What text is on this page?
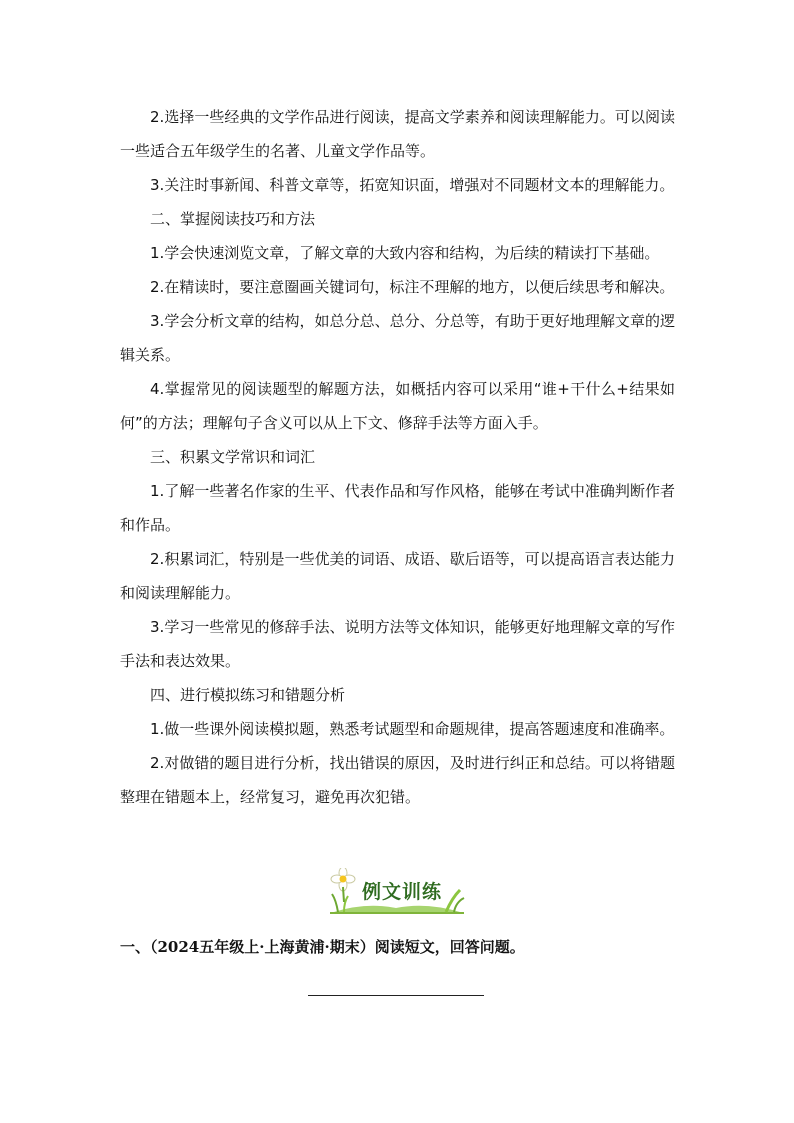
2.选择一些经典的文学作品进行阅读，提高文学素养和阅读理解能力。可以阅读一些适合五年级学生的名著、儿童文学作品等。

3.关注时事新闻、科普文章等，拓宽知识面，增强对不同题材文本的理解能力。

二、掌握阅读技巧和方法

1.学会快速浏览文章，了解文章的大致内容和结构，为后续的精读打下基础。

2.在精读时，要注意圈画关键词句，标注不理解的地方，以便后续思考和解决。

3.学会分析文章的结构，如总分总、总分、分总等，有助于更好地理解文章的逻辑关系。

4.掌握常见的阅读题型的解题方法，如概括内容可以采用“谁+干什么+结果如何”的方法；理解句子含义可以从上下文、修辞手法等方面入手。

三、积累文学常识和词汇

1.了解一些著名作家的生平、代表作品和写作风格，能够在考试中准确判断作者和作品。

2.积累词汇，特别是一些优美的词语、成语、歇后语等，可以提高语言表达能力和阅读理解能力。

3.学习一些常见的修辞手法、说明方法等文体知识，能够更好地理解文章的写作手法和表达效果。

四、进行模拟练习和错题分析

1.做一些课外阅读模拟题，熟悉考试题型和命题规律，提高答题速度和准确率。

2.对做错的题目进行分析，找出错误的原因，及时进行纠正和总结。可以将错题整理在错题本上，经常复习，避免再次犯错。

例文训练
一、（2024五年级上·上海黄浦·期末）阅读短文，回答问题。
